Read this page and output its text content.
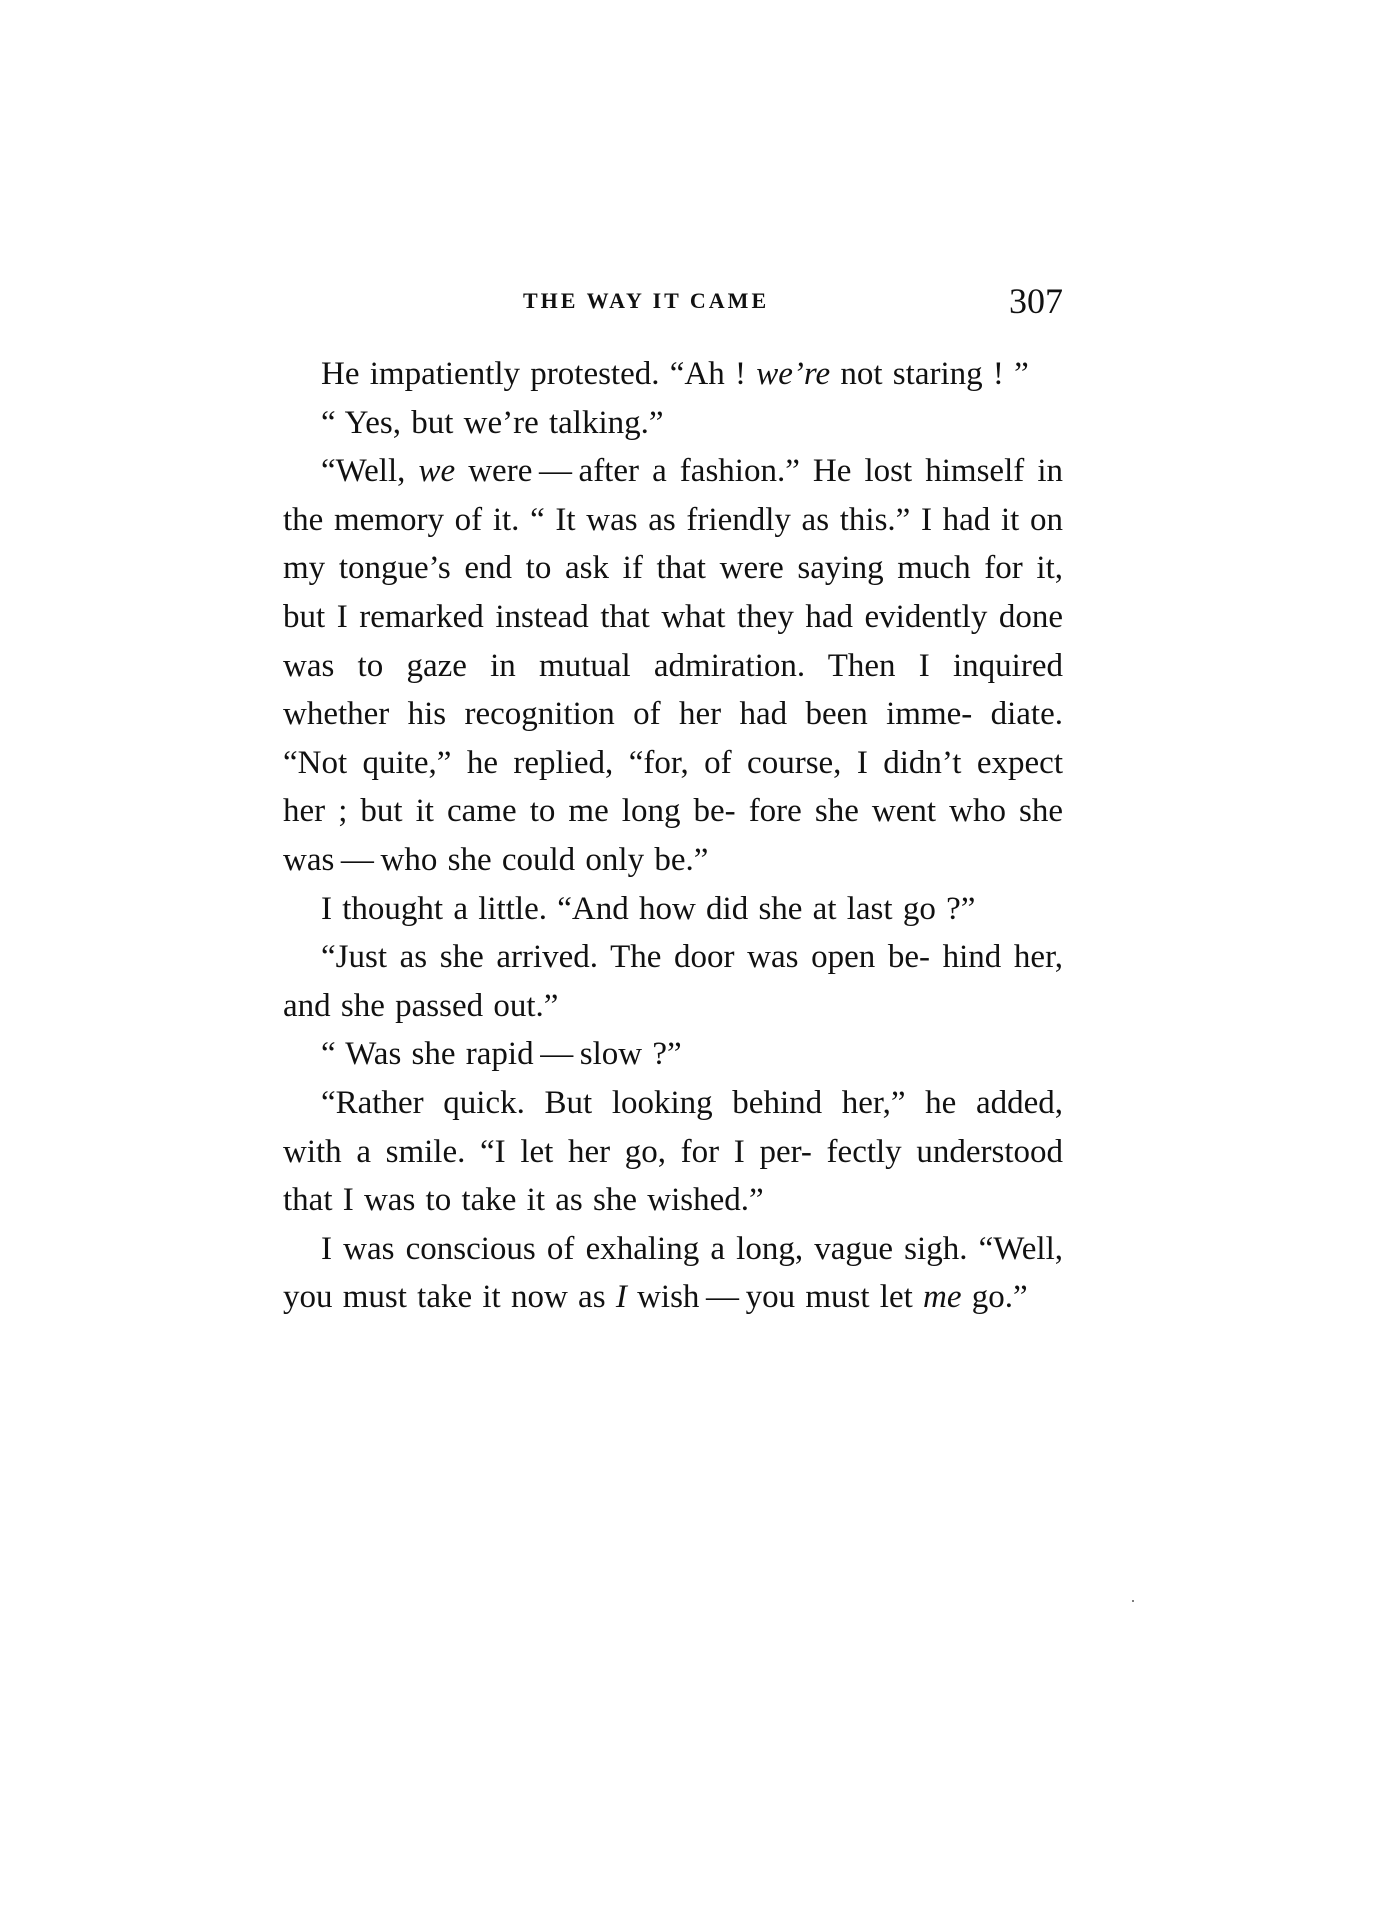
THE WAY IT CAME	307

He impatiently protested. “Ah ! we’re not staring ! ”

“ Yes, but we’re talking.”

“Well, we were — after a fashion.” He lost himself in the memory of it. “ It was as friendly as this.” I had it on my tongue’s end to ask if that were saying much for it, but I remarked instead that what they had evidently done was to gaze in mutual admiration. Then I inquired whether his recognition of her had been imme- diate. “Not quite,” he replied, “for, of course, I didn’t expect her ; but it came to me long be- fore she went who she was — who she could only be.”

I thought a little. “And how did she at last go ?”

“Just as she arrived. The door was open be- hind her, and she passed out.”

“ Was she rapid — slow ?”

“Rather quick. But looking behind her,” he added, with a smile. “I let her go, for I per- fectly understood that I was to take it as she wished.”

I was conscious of exhaling a long, vague sigh. “Well, you must take it now as I wish — you must let me go.”
